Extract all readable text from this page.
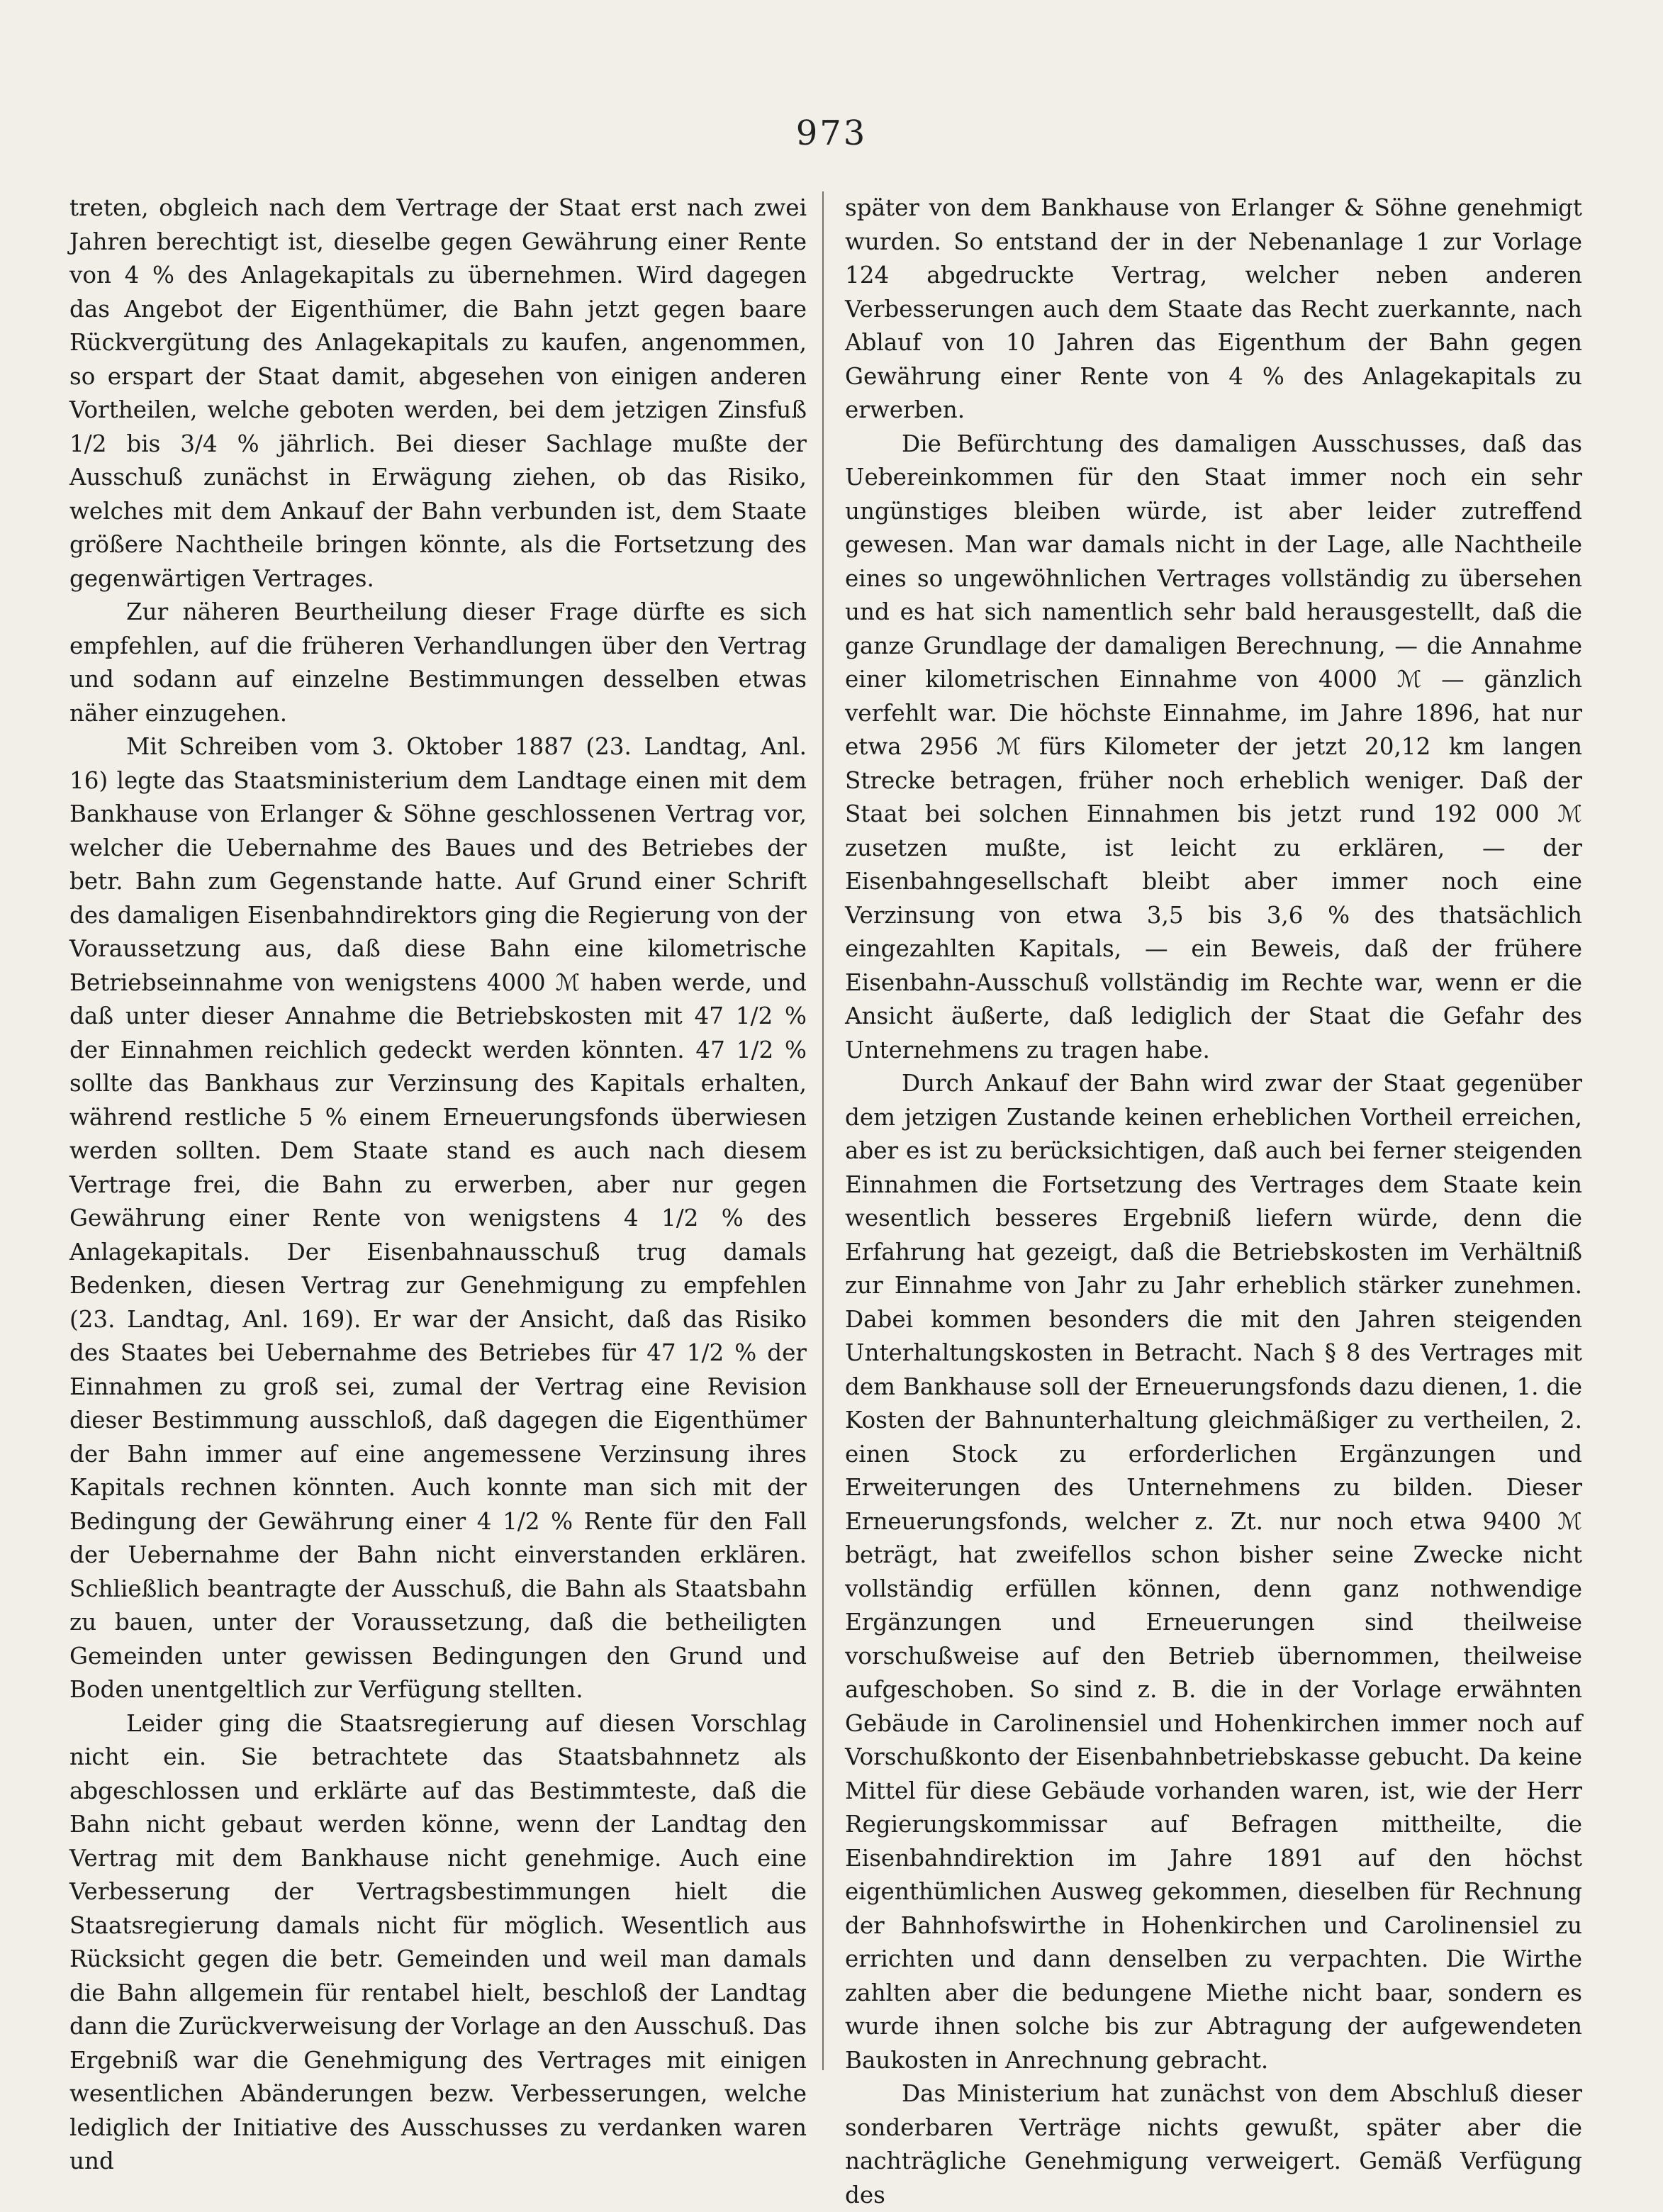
973

treten, obgleich nach dem Vertrage der Staat erst nach zwei Jahren berechtigt ist, dieselbe gegen Gewährung einer Rente von 4 % des Anlagekapitals zu übernehmen. Wird dagegen das Angebot der Eigenthümer, die Bahn jetzt gegen baare Rückvergütung des Anlagekapitals zu kaufen, angenommen, so erspart der Staat damit, abgesehen von einigen anderen Vortheilen, welche geboten werden, bei dem jetzigen Zinsfuß 1/2 bis 3/4 % jährlich. Bei dieser Sachlage mußte der Ausschuß zunächst in Erwägung ziehen, ob das Risiko, welches mit dem Ankauf der Bahn verbunden ist, dem Staate größere Nachtheile bringen könnte, als die Fortsetzung des gegenwärtigen Vertrages.

Zur näheren Beurtheilung dieser Frage dürfte es sich empfehlen, auf die früheren Verhandlungen über den Vertrag und sodann auf einzelne Bestimmungen desselben etwas näher einzugehen.

Mit Schreiben vom 3. Oktober 1887 (23. Landtag, Anl. 16) legte das Staatsministerium dem Landtage einen mit dem Bankhause von Erlanger & Söhne geschlossenen Vertrag vor, welcher die Uebernahme des Baues und des Betriebes der betr. Bahn zum Gegenstande hatte. Auf Grund einer Schrift des damaligen Eisenbahndirektors ging die Regierung von der Voraussetzung aus, daß diese Bahn eine kilometrische Betriebseinnahme von wenigstens 4000 ℳ haben werde, und daß unter dieser Annahme die Betriebskosten mit 47 1/2 % der Einnahmen reichlich gedeckt werden könnten. 47 1/2 % sollte das Bankhaus zur Verzinsung des Kapitals erhalten, während restliche 5 % einem Erneuerungsfonds überwiesen werden sollten. Dem Staate stand es auch nach diesem Vertrage frei, die Bahn zu erwerben, aber nur gegen Gewährung einer Rente von wenigstens 4 1/2 % des Anlagekapitals. Der Eisenbahnausschuß trug damals Bedenken, diesen Vertrag zur Genehmigung zu empfehlen (23. Landtag, Anl. 169). Er war der Ansicht, daß das Risiko des Staates bei Uebernahme des Betriebes für 47 1/2 % der Einnahmen zu groß sei, zumal der Vertrag eine Revision dieser Bestimmung ausschloß, daß dagegen die Eigenthümer der Bahn immer auf eine angemessene Verzinsung ihres Kapitals rechnen könnten. Auch konnte man sich mit der Bedingung der Gewährung einer 4 1/2 % Rente für den Fall der Uebernahme der Bahn nicht einverstanden erklären. Schließlich beantragte der Ausschuß, die Bahn als Staatsbahn zu bauen, unter der Voraussetzung, daß die betheiligten Gemeinden unter gewissen Bedingungen den Grund und Boden unentgeltlich zur Verfügung stellten.

Leider ging die Staatsregierung auf diesen Vorschlag nicht ein. Sie betrachtete das Staatsbahnnetz als abgeschlossen und erklärte auf das Bestimmteste, daß die Bahn nicht gebaut werden könne, wenn der Landtag den Vertrag mit dem Bankhause nicht genehmige. Auch eine Verbesserung der Vertragsbestimmungen hielt die Staatsregierung damals nicht für möglich. Wesentlich aus Rücksicht gegen die betr. Gemeinden und weil man damals die Bahn allgemein für rentabel hielt, beschloß der Landtag dann die Zurückverweisung der Vorlage an den Ausschuß. Das Ergebniß war die Genehmigung des Vertrages mit einigen wesentlichen Abänderungen bezw. Verbesserungen, welche lediglich der Initiative des Ausschusses zu verdanken waren und

später von dem Bankhause von Erlanger & Söhne genehmigt wurden. So entstand der in der Nebenanlage 1 zur Vorlage 124 abgedruckte Vertrag, welcher neben anderen Verbesserungen auch dem Staate das Recht zuerkannte, nach Ablauf von 10 Jahren das Eigenthum der Bahn gegen Gewährung einer Rente von 4 % des Anlagekapitals zu erwerben.

Die Befürchtung des damaligen Ausschusses, daß das Uebereinkommen für den Staat immer noch ein sehr ungünstiges bleiben würde, ist aber leider zutreffend gewesen. Man war damals nicht in der Lage, alle Nachtheile eines so ungewöhnlichen Vertrages vollständig zu übersehen und es hat sich namentlich sehr bald herausgestellt, daß die ganze Grundlage der damaligen Berechnung, — die Annahme einer kilometrischen Einnahme von 4000 ℳ — gänzlich verfehlt war. Die höchste Einnahme, im Jahre 1896, hat nur etwa 2956 ℳ fürs Kilometer der jetzt 20,12 km langen Strecke betragen, früher noch erheblich weniger. Daß der Staat bei solchen Einnahmen bis jetzt rund 192 000 ℳ zusetzen mußte, ist leicht zu erklären, — der Eisenbahngesellschaft bleibt aber immer noch eine Verzinsung von etwa 3,5 bis 3,6 % des thatsächlich eingezahlten Kapitals, — ein Beweis, daß der frühere Eisenbahn-Ausschuß vollständig im Rechte war, wenn er die Ansicht äußerte, daß lediglich der Staat die Gefahr des Unternehmens zu tragen habe.

Durch Ankauf der Bahn wird zwar der Staat gegenüber dem jetzigen Zustande keinen erheblichen Vortheil erreichen, aber es ist zu berücksichtigen, daß auch bei ferner steigenden Einnahmen die Fortsetzung des Vertrages dem Staate kein wesentlich besseres Ergebniß liefern würde, denn die Erfahrung hat gezeigt, daß die Betriebskosten im Verhältniß zur Einnahme von Jahr zu Jahr erheblich stärker zunehmen. Dabei kommen besonders die mit den Jahren steigenden Unterhaltungskosten in Betracht. Nach § 8 des Vertrages mit dem Bankhause soll der Erneuerungsfonds dazu dienen, 1. die Kosten der Bahnunterhaltung gleichmäßiger zu vertheilen, 2. einen Stock zu erforderlichen Ergänzungen und Erweiterungen des Unternehmens zu bilden. Dieser Erneuerungsfonds, welcher z. Zt. nur noch etwa 9400 ℳ beträgt, hat zweifellos schon bisher seine Zwecke nicht vollständig erfüllen können, denn ganz nothwendige Ergänzungen und Erneuerungen sind theilweise vorschußweise auf den Betrieb übernommen, theilweise aufgeschoben. So sind z. B. die in der Vorlage erwähnten Gebäude in Carolinensiel und Hohenkirchen immer noch auf Vorschußkonto der Eisenbahnbetriebskasse gebucht. Da keine Mittel für diese Gebäude vorhanden waren, ist, wie der Herr Regierungskommissar auf Befragen mittheilte, die Eisenbahndirektion im Jahre 1891 auf den höchst eigenthümlichen Ausweg gekommen, dieselben für Rechnung der Bahnhofswirthe in Hohenkirchen und Carolinensiel zu errichten und dann denselben zu verpachten. Die Wirthe zahlten aber die bedungene Miethe nicht baar, sondern es wurde ihnen solche bis zur Abtragung der aufgewendeten Baukosten in Anrechnung gebracht.

Das Ministerium hat zunächst von dem Abschluß dieser sonderbaren Verträge nichts gewußt, später aber die nachträgliche Genehmigung verweigert. Gemäß Verfügung des
